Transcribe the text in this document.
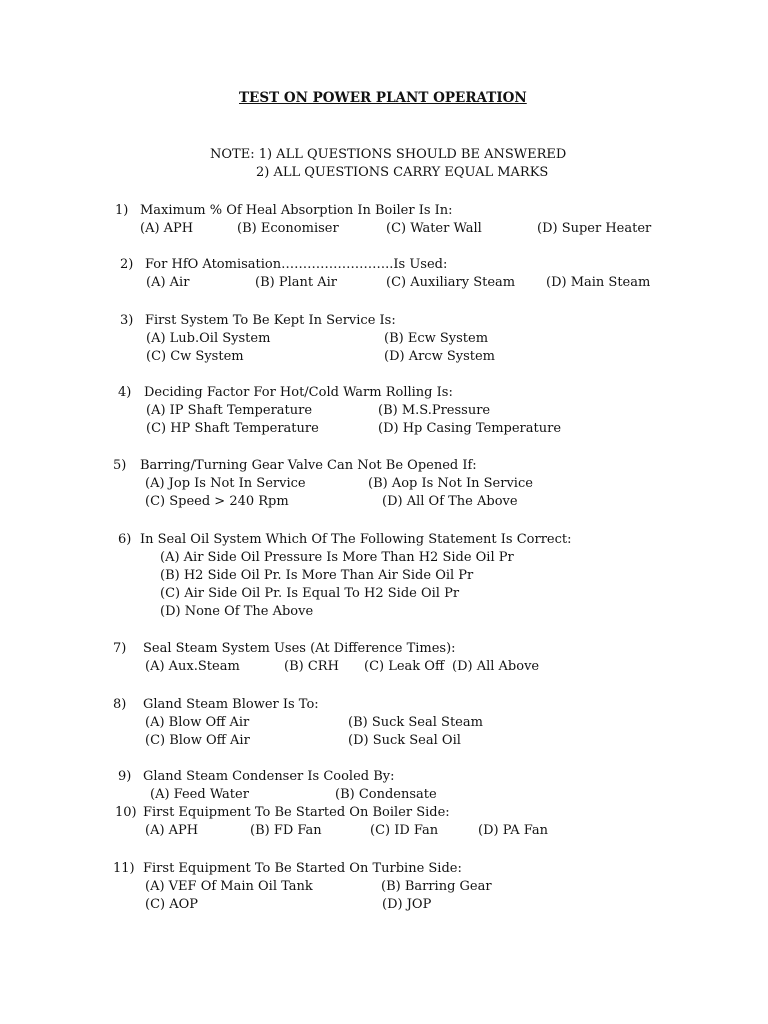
TEST ON POWER PLANT OPERATION
NOTE: 1) ALL QUESTIONS SHOULD BE ANSWERED
2) ALL QUESTIONS CARRY EQUAL MARKS
1) Maximum % Of Heal Absorption In Boiler Is In:
(A) APH	(B) Economiser	(C) Water Wall	(D) Super Heater
2) For HfO Atomisation……………………..Is Used:
(A) Air	(B) Plant Air	(C) Auxiliary Steam (D) Main Steam
3) First System To Be Kept In Service Is:
(A) Lub.Oil System	(B) Ecw System
(C) Cw System	(D) Arcw System
4) Deciding Factor For Hot/Cold Warm Rolling Is:
(A) IP Shaft Temperature	(B) M.S.Pressure
(C) HP Shaft Temperature	(D) Hp Casing Temperature
5) Barring/Turning Gear Valve Can Not Be Opened If:
(A) Jop Is Not In Service	(B) Aop Is Not In Service
(C) Speed > 240 Rpm	(D) All Of The Above
6) In Seal Oil System Which Of The Following Statement Is Correct:
(A) Air Side Oil Pressure Is More Than H2 Side Oil Pr
(B) H2 Side Oil Pr. Is More Than Air Side Oil Pr
(C) Air Side Oil Pr. Is Equal To H2 Side Oil Pr
(D) None Of The Above
7) Seal Steam System Uses (At Difference Times):
(A) Aux.Steam	(B) CRH (C) Leak Off (D) All Above
8) Gland Steam Blower Is To:
(A) Blow Off Air	(B) Suck Seal Steam
(C) Blow Off Air	(D) Suck Seal Oil
9) Gland Steam Condenser Is Cooled By:
(A) Feed Water	(B) Condensate
10) First Equipment To Be Started On Boiler Side:
(A) APH	(B) FD Fan	(C) ID Fan	(D) PA Fan
11) First Equipment To Be Started On Turbine Side:
(A) VEF Of Main Oil Tank	(B) Barring Gear
(C) AOP	(D) JOP
